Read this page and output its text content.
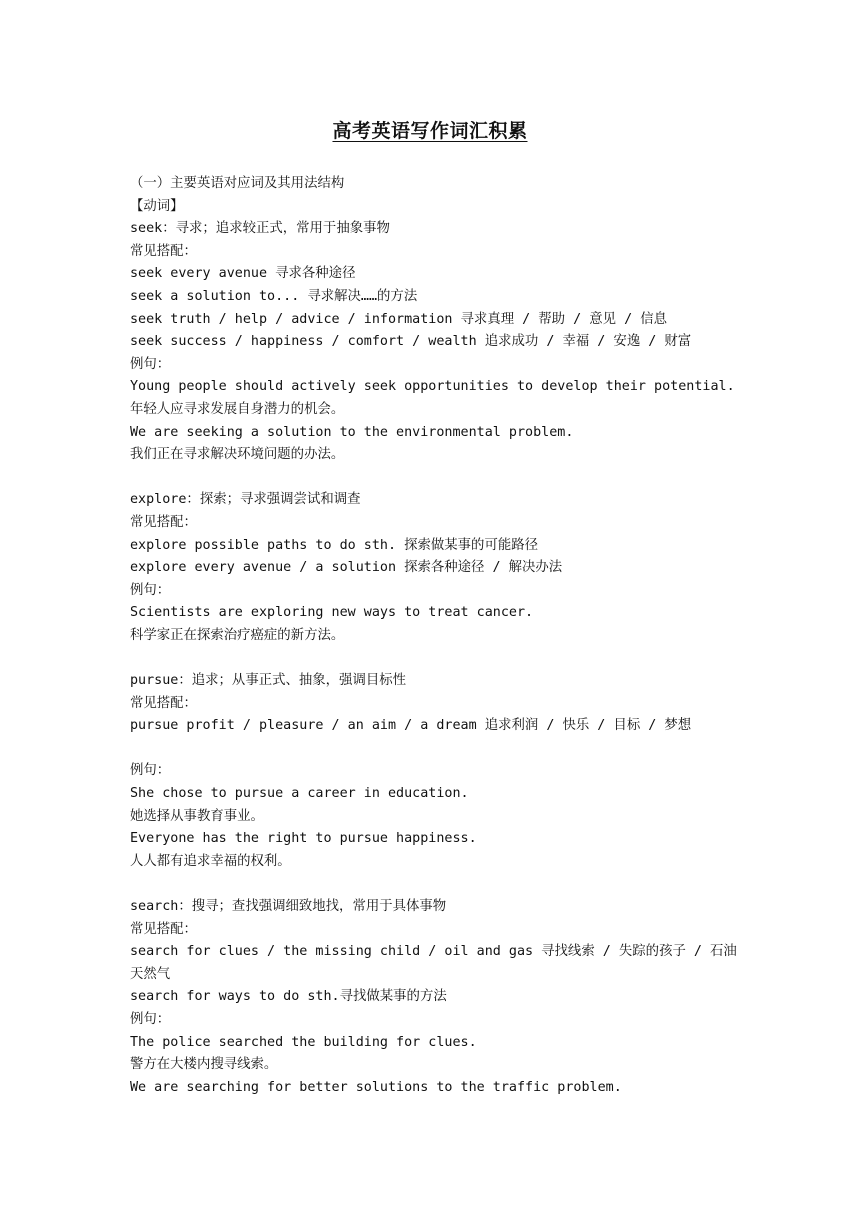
高考英语写作词汇积累
（一）主要英语对应词及其用法结构
【动词】
seek：寻求；追求较正式，常用于抽象事物
常见搭配：
seek every avenue 寻求各种途径
seek a solution to... 寻求解决……的方法
seek truth / help / advice / information 寻求真理 / 帮助 / 意见 / 信息
seek success / happiness / comfort / wealth 追求成功 / 幸福 / 安逸 / 财富
例句：
Young people should actively seek opportunities to develop their potential.
年轻人应寻求发展自身潜力的机会。
We are seeking a solution to the environmental problem.
我们正在寻求解决环境问题的办法。
explore：探索；寻求强调尝试和调查
常见搭配：
explore possible paths to do sth. 探索做某事的可能路径
explore every avenue / a solution 探索各种途径 / 解决办法
例句：
Scientists are exploring new ways to treat cancer.
科学家正在探索治疗癌症的新方法。
pursue：追求；从事正式、抽象，强调目标性
常见搭配：
pursue profit / pleasure / an aim / a dream 追求利润 / 快乐 / 目标 / 梦想
例句：
She chose to pursue a career in education.
她选择从事教育事业。
Everyone has the right to pursue happiness.
人人都有追求幸福的权利。
search：搜寻；查找强调细致地找，常用于具体事物
常见搭配：
search for clues / the missing child / oil and gas 寻找线索 / 失踪的孩子 / 石油
天然气
search for ways to do sth.寻找做某事的方法
例句：
The police searched the building for clues.
警方在大楼内搜寻线索。
We are searching for better solutions to the traffic problem.
